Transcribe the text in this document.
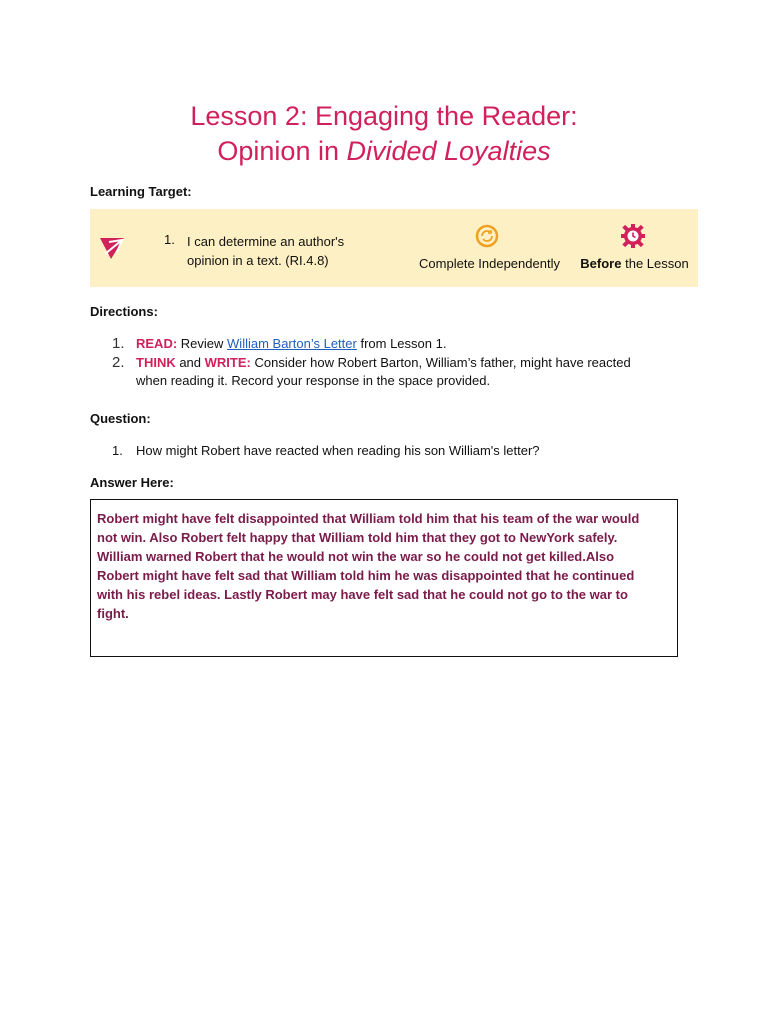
Lesson 2: Engaging the Reader:
Opinion in Divided Loyalties
Learning Target:
1. I can determine an author's opinion in a text. (RI.4.8)	Complete Independently	Before the Lesson
Directions:
1. READ: Review William Barton’s Letter from Lesson 1.
2. THINK and WRITE: Consider how Robert Barton, William’s father, might have reacted
when reading it. Record your response in the space provided.
Question:
1. How might Robert have reacted when reading his son William's letter?
Answer Here:
Robert might have felt disappointed that William told him that his team of the war would
not win. Also Robert felt happy that William told him that they got to NewYork safely.
William warned Robert that he would not win the war so he could not get killed.Also
Robert might have felt sad that William told him he was disappointed that he continued
with his rebel ideas. Lastly Robert may have felt sad that he could not go to the war to
fight.
